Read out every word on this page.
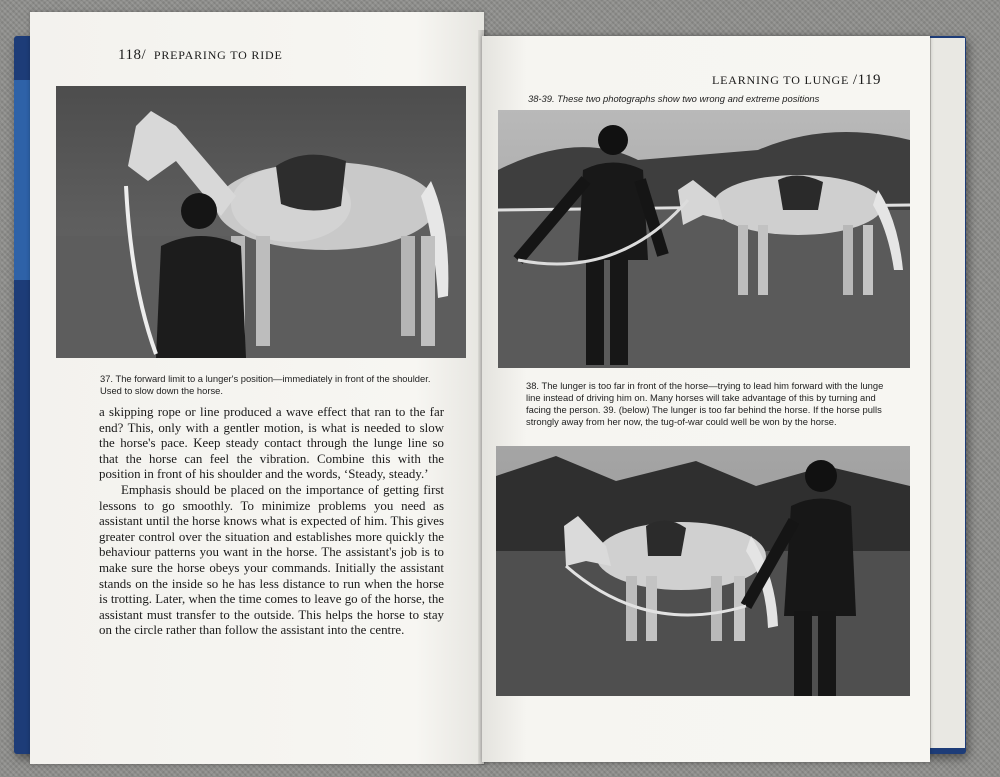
118/ PREPARING TO RIDE
37. The forward limit to a lunger's position—immediately in front of the shoulder. Used to slow down the horse.

a skipping rope or line produced a wave effect that ran to the far end? This, only with a gentler motion, is what is needed to slow the horse's pace. Keep steady contact through the lunge line so that the horse can feel the vibration. Combine this with the position in front of his shoulder and the words, ‘Steady, steady.’

Emphasis should be placed on the importance of getting first lessons to go smoothly. To minimize problems you need as assistant until the horse knows what is expected of him. This gives greater control over the situation and establishes more quickly the behaviour patterns you want in the horse. The assistant's job is to make sure the horse obeys your commands. Initially the assistant stands on the inside so he has less distance to run when the horse is trotting. Later, when the time comes to leave go of the horse, the assistant must transfer to the outside. This helps the horse to stay on the circle rather than follow the assistant into the centre.

LEARNING TO LUNGE /119
38-39. These two photographs show two wrong and extreme positions
38. The lunger is too far in front of the horse—trying to lead him forward with the lunge line instead of driving him on. Many horses will take advantage of this by turning and facing the person. 39. (below) The lunger is too far behind the horse. If the horse pulls strongly away from her now, the tug-of-war could well be won by the horse.
